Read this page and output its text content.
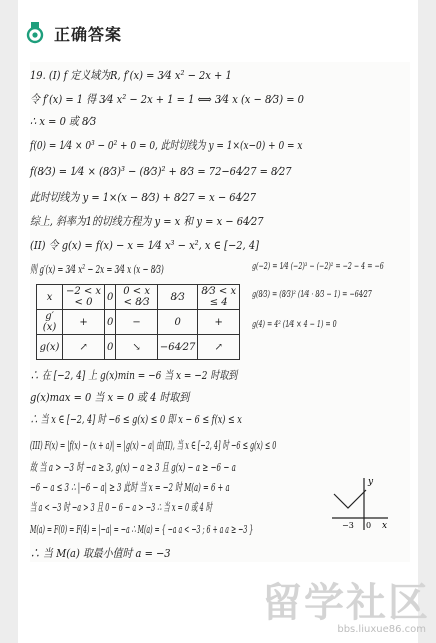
正确答案
19. (I) f 定义域为R, f′(x) = 3⁄4 x² − 2x + 1
令 f′(x) = 1 得 3⁄4 x² − 2x + 1 = 1 ⟺ 3⁄4 x (x − 8⁄3) = 0
∴ x = 0 或 8⁄3
f(0) = 1⁄4 × 0³ − 0² + 0 = 0, 此时切线为 y = 1×(x−0) + 0 = x
f(8⁄3) = 1⁄4 × (8⁄3)³ − (8⁄3)² + 8⁄3 = 72−64⁄27 = 8⁄27
此时切线为 y = 1×(x − 8⁄3) + 8⁄27 = x − 64⁄27
综上, 斜率为1的切线方程为 y = x 和 y = x − 64⁄27
(II) 令 g(x) = f(x) − x = 1⁄4 x³ − x², x ∈ [−2, 4]
则 g′(x) = 3⁄4 x² − 2x = 3⁄4 x (x − 8⁄3)	g(−2) = 1⁄4 (−2)³ − (−2)² = −2 − 4 = −6
g(8⁄3) = (8⁄3)² (1⁄4 · 8⁄3 − 1) = −64⁄27
g(4) = 4² (1⁄4 × 4 − 1) = 0
x	−2 < x < 0	0	0 < x < 8⁄3	8⁄3	8⁄3 < x ≤ 4
g′(x)	+	0	−	0	+
g(x)	↗	0	↘	−64⁄27	↗
∴ 在 [−2, 4] 上 g(x)min = −6 当 x = −2 时取到
g(x)max = 0 当 x = 0 或 4 时取到
∴ 当 x ∈ [−2, 4] 时 −6 ≤ g(x) ≤ 0 即 x − 6 ≤ f(x) ≤ x
(III) F(x) = |f(x) − (x + a)| = |g(x) − a| 由(II), 当 x ∈ [−2, 4] 时 −6 ≤ g(x) ≤ 0
故 当 a > −3 时 −a ≥ 3, g(x) − a ≥ 3 且 g(x) − a ≥ −6 − a
−6 − a ≤ 3 ∴ |−6 − a| ≥ 3 此时 当 x = −2 时 M(a) = 6 + a
当 a < −3 时 −a > 3 且 0 − 6 − a > −3 ∴ 当 x = 0 或 4 时
M(a) = F(0) = F(4) = |−a| = −a ∴ M(a) = { −a a < −3 ; 6 + a a ≥ −3 }
∴ 当 M(a) 取最小值时 a = −3
y
x
−3 0
留学社区
bbs.liuxue86.com
